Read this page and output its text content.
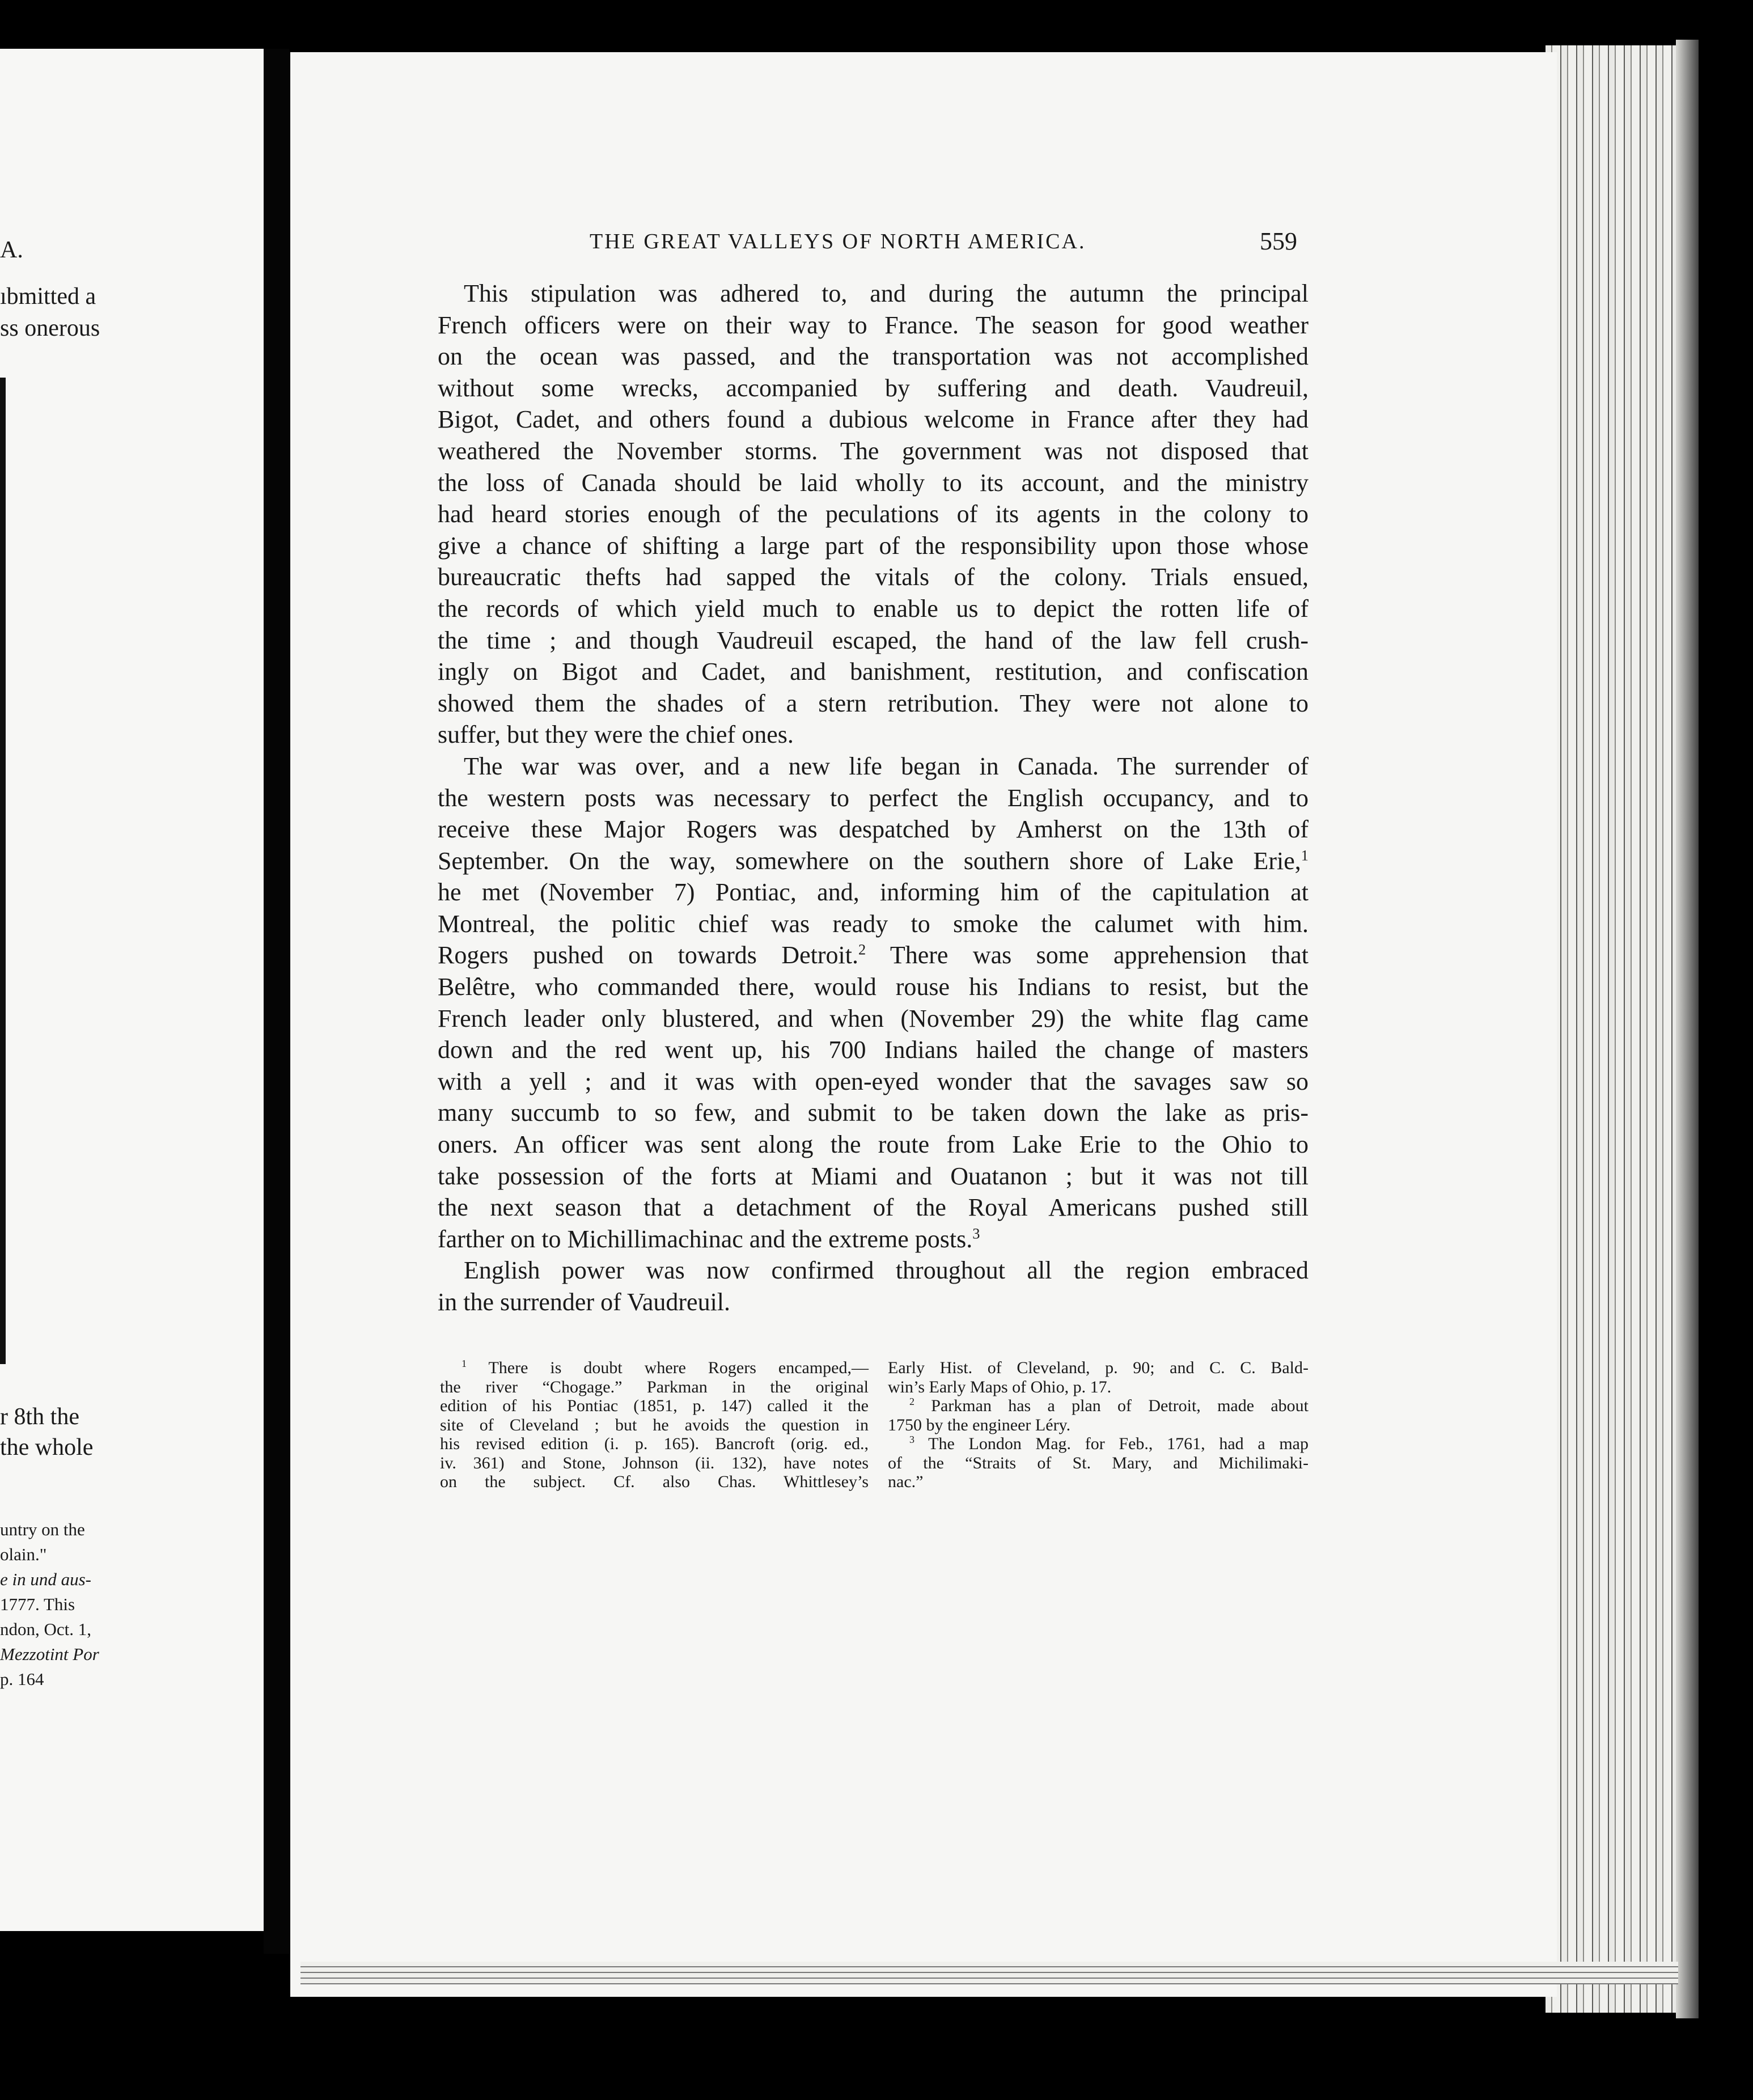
A.
ıbmitted a
ss onerous
r 8th the
the whole
untry on the
olain."
e in und aus-
1777. This
ndon, Oct. 1,
Mezzotint Por
p. 164
THE GREAT VALLEYS OF NORTH AMERICA.	559
This stipulation was adhered to, and during the autumn the principal
French officers were on their way to France. The season for good weather
on the ocean was passed, and the transportation was not accomplished
without some wrecks, accompanied by suffering and death. Vaudreuil,
Bigot, Cadet, and others found a dubious welcome in France after they had
weathered the November storms. The government was not disposed that
the loss of Canada should be laid wholly to its account, and the ministry
had heard stories enough of the peculations of its agents in the colony to
give a chance of shifting a large part of the responsibility upon those whose
bureaucratic thefts had sapped the vitals of the colony. Trials ensued,
the records of which yield much to enable us to depict the rotten life of
the time ; and though Vaudreuil escaped, the hand of the law fell crush-
ingly on Bigot and Cadet, and banishment, restitution, and confiscation
showed them the shades of a stern retribution. They were not alone to
suffer, but they were the chief ones.
The war was over, and a new life began in Canada. The surrender of
the western posts was necessary to perfect the English occupancy, and to
receive these Major Rogers was despatched by Amherst on the 13th of
September. On the way, somewhere on the southern shore of Lake Erie,$^1$
he met (November 7) Pontiac, and, informing him of the capitulation at
Montreal, the politic chief was ready to smoke the calumet with him.
Rogers pushed on towards Detroit.$^2$ There was some apprehension that
Belêtre, who commanded there, would rouse his Indians to resist, but the
French leader only blustered, and when (November 29) the white flag came
down and the red went up, his 700 Indians hailed the change of masters
with a yell ; and it was with open-eyed wonder that the savages saw so
many succumb to so few, and submit to be taken down the lake as pris-
oners. An officer was sent along the route from Lake Erie to the Ohio to
take possession of the forts at Miami and Ouatanon ; but it was not till
the next season that a detachment of the Royal Americans pushed still
farther on to Michillimachinac and the extreme posts.$^3$
English power was now confirmed throughout all the region embraced
in the surrender of Vaudreuil.
$^1$ There is doubt where Rogers encamped,—
the river “Chogage.” Parkman in the original
edition of his Pontiac (1851, p. 147) called it the
site of Cleveland ; but he avoids the question in
his revised edition (i. p. 165). Bancroft (orig. ed.,
iv. 361) and Stone, Johnson (ii. 132), have notes
on the subject. Cf. also Chas. Whittlesey’s
Early Hist. of Cleveland, p. 90; and C. C. Bald-
win’s Early Maps of Ohio, p. 17.
$^2$ Parkman has a plan of Detroit, made about
1750 by the engineer Léry.
$^3$ The London Mag. for Feb., 1761, had a map
of the “Straits of St. Mary, and Michilimaki-
nac.”
